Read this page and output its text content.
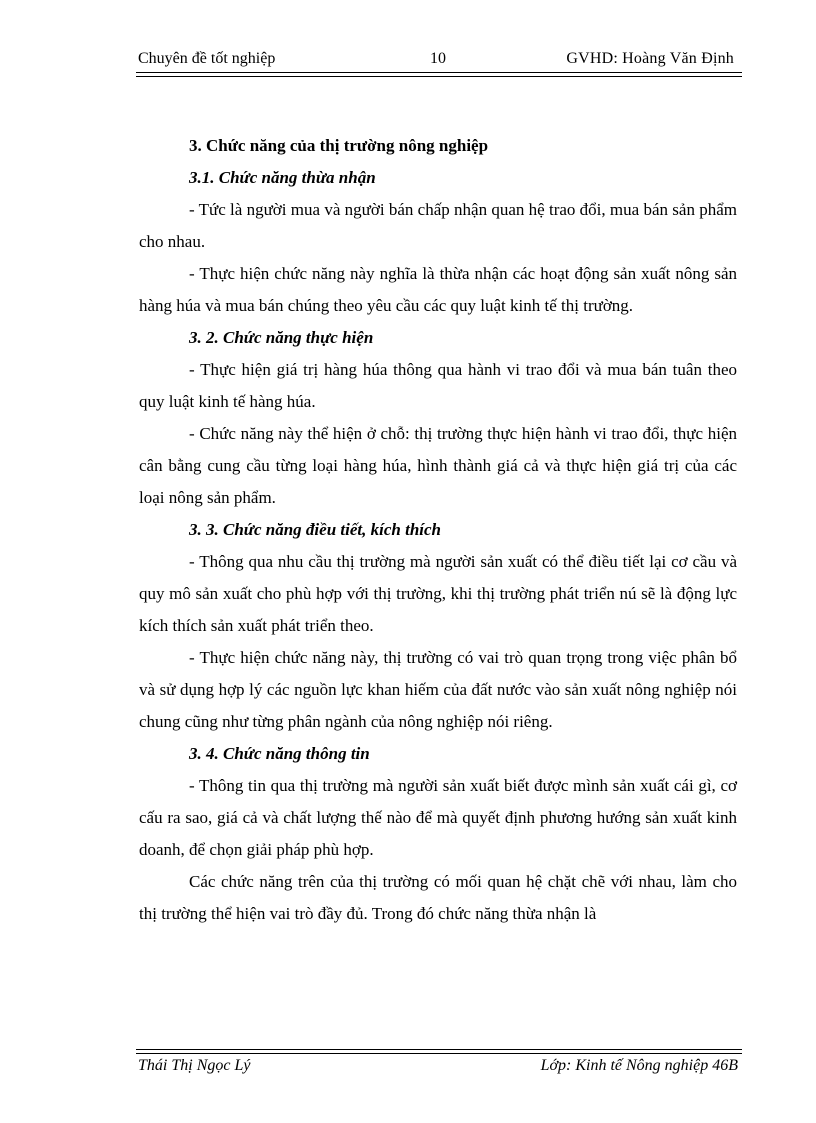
Chuyên đề tốt nghiệp	10	GVHD: Hoàng Văn Định

3. Chức năng của thị trường nông nghiệp

3.1. Chức năng thừa nhận

- Tức là người mua và người bán chấp nhận quan hệ trao đổi, mua bán sản phẩm cho nhau.

- Thực hiện chức năng này nghĩa là thừa nhận các hoạt động sản xuất nông sản hàng húa và mua bán chúng theo yêu cầu các quy luật kinh tế thị trường.

3. 2. Chức năng thực hiện

- Thực hiện giá trị hàng húa thông qua hành vi trao đổi và mua bán tuân theo quy luật kinh tế hàng húa.

- Chức năng này thể hiện ở chỗ: thị trường thực hiện hành vi trao đổi, thực hiện cân bằng cung cầu từng loại hàng húa, hình thành giá cả và thực hiện giá trị của các loại nông sản phẩm.

3. 3. Chức năng điều tiết, kích thích

- Thông qua nhu cầu thị trường mà người sản xuất có thể điều tiết lại cơ cầu và quy mô sản xuất cho phù hợp với thị trường, khi thị trường phát triển nú sẽ là động lực kích thích sản xuất phát triển theo.

- Thực hiện chức năng này, thị trường có vai trò quan trọng trong việc phân bổ và sử dụng hợp lý các nguồn lực khan hiếm của đất nước vào sản xuất nông nghiệp nói chung cũng như từng phân ngành của nông nghiệp nói riêng.

3. 4. Chức năng thông tin

- Thông tin qua thị trường mà người sản xuất biết được mình sản xuất cái gì, cơ cấu ra sao, giá cả và chất lượng thế nào để mà quyết định phương hướng sản xuất kinh doanh, để chọn giải pháp phù hợp.

Các chức năng trên của thị trường có mối quan hệ chặt chẽ với nhau, làm cho thị trường thể hiện vai trò đầy đủ. Trong đó chức năng thừa nhận là

Thái Thị Ngọc Lý	Lớp: Kinh tế Nông nghiệp 46B
